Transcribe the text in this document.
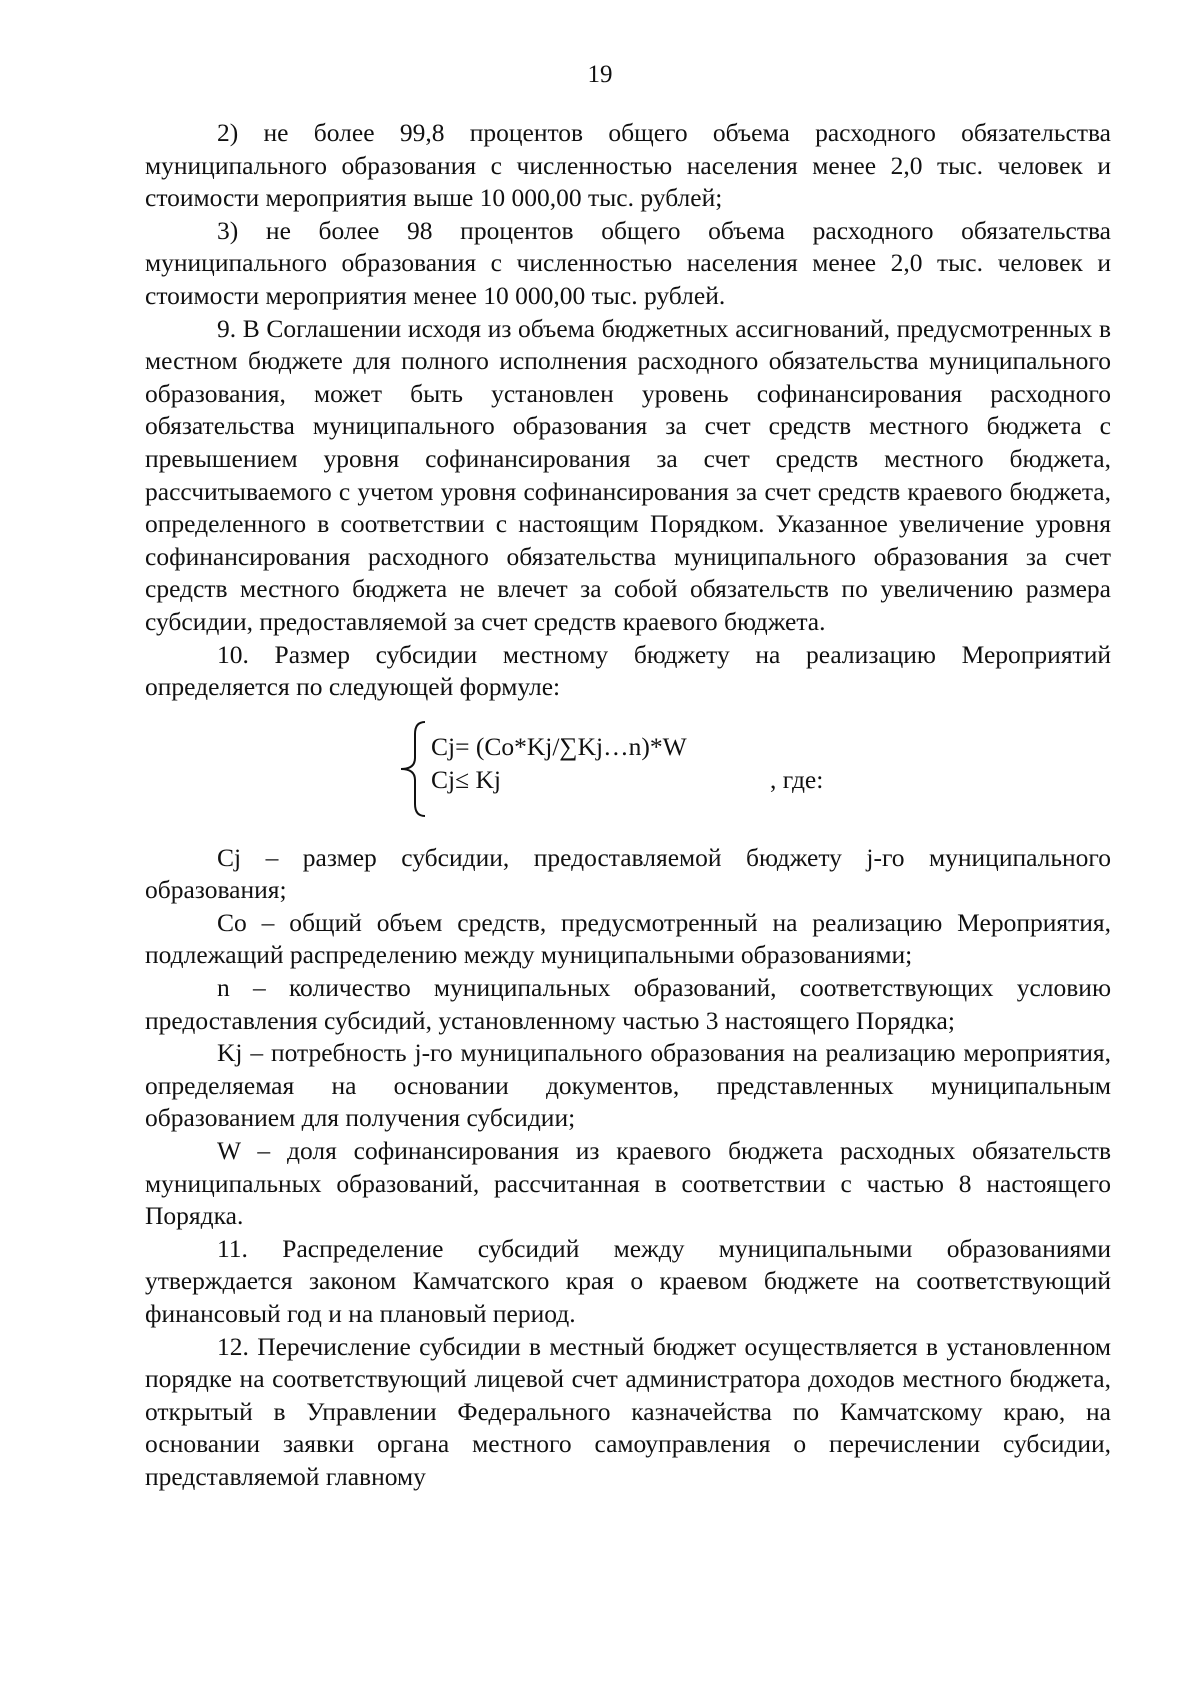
19

2) не более 99,8 процентов общего объема расходного обязательства муниципального образования с численностью населения менее 2,0 тыс. человек и стоимости мероприятия выше 10 000,00 тыс. рублей;

3) не более 98 процентов общего объема расходного обязательства муниципального образования с численностью населения менее 2,0 тыс. человек и стоимости мероприятия менее 10 000,00 тыс. рублей.

9. В Соглашении исходя из объема бюджетных ассигнований, предусмотренных в местном бюджете для полного исполнения расходного обязательства муниципального образования, может быть установлен уровень софинансирования расходного обязательства муниципального образования за счет средств местного бюджета с превышением уровня софинансирования за счет средств местного бюджета, рассчитываемого с учетом уровня софинансирования за счет средств краевого бюджета, определенного в соответствии с настоящим Порядком. Указанное увеличение уровня софинансирования расходного обязательства муниципального образования за счет средств местного бюджета не влечет за собой обязательств по увеличению размера субсидии, предоставляемой за счет средств краевого бюджета.

10. Размер субсидии местному бюджету на реализацию Мероприятий определяется по следующей формуле:

Cj= (Co*Kj/∑Kj…n)*W
Cj≤ Kj	, где:

Cj – размер субсидии, предоставляемой бюджету j-го муниципального образования;

Co – общий объем средств, предусмотренный на реализацию Мероприятия, подлежащий распределению между муниципальными образованиями;

n – количество муниципальных образований, соответствующих условию предоставления субсидий, установленному частью 3 настоящего Порядка;

Kj – потребность j-го муниципального образования на реализацию мероприятия, определяемая на основании документов, представленных муниципальным образованием для получения субсидии;

W – доля софинансирования из краевого бюджета расходных обязательств муниципальных образований, рассчитанная в соответствии с частью 8 настоящего Порядка.

11. Распределение субсидий между муниципальными образованиями утверждается законом Камчатского края о краевом бюджете на соответствующий финансовый год и на плановый период.

12. Перечисление субсидии в местный бюджет осуществляется в установленном порядке на соответствующий лицевой счет администратора доходов местного бюджета, открытый в Управлении Федерального казначейства по Камчатскому краю, на основании заявки органа местного самоуправления о перечислении субсидии, представляемой главному
